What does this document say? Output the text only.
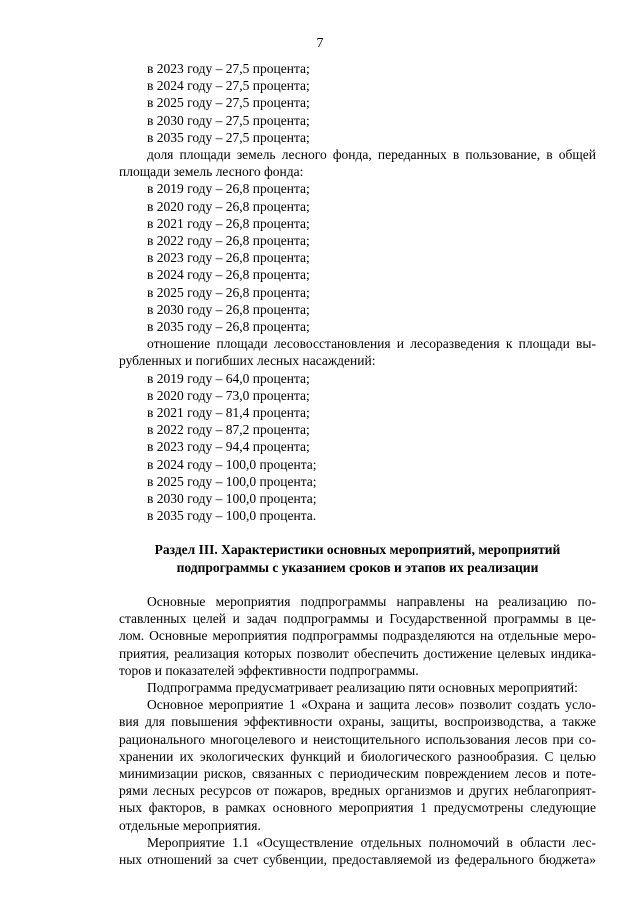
7
в 2023 году – 27,5 процента;
в 2024 году – 27,5 процента;
в 2025 году – 27,5 процента;
в 2030 году – 27,5 процента;
в 2035 году – 27,5 процента;
доля площади земель лесного фонда, переданных в пользование, в общей
площади земель лесного фонда:
в 2019 году – 26,8 процента;
в 2020 году – 26,8 процента;
в 2021 году – 26,8 процента;
в 2022 году – 26,8 процента;
в 2023 году – 26,8 процента;
в 2024 году – 26,8 процента;
в 2025 году – 26,8 процента;
в 2030 году – 26,8 процента;
в 2035 году – 26,8 процента;
отношение площади лесовосстановления и лесоразведения к площади вы-
рубленных и погибших лесных насаждений:
в 2019 году – 64,0 процента;
в 2020 году – 73,0 процента;
в 2021 году – 81,4 процента;
в 2022 году – 87,2 процента;
в 2023 году – 94,4 процента;
в 2024 году – 100,0 процента;
в 2025 году – 100,0 процента;
в 2030 году – 100,0 процента;
в 2035 году – 100,0 процента.
Раздел III. Характеристики основных мероприятий, мероприятий
подпрограммы с указанием сроков и этапов их реализации
Основные мероприятия подпрограммы направлены на реализацию по-
ставленных целей и задач подпрограммы и Государственной программы в це-
лом. Основные мероприятия подпрограммы подразделяются на отдельные меро-
приятия, реализация которых позволит обеспечить достижение целевых индика-
торов и показателей эффективности подпрограммы.
Подпрограмма предусматривает реализацию пяти основных мероприятий:
Основное мероприятие 1 «Охрана и защита лесов» позволит создать усло-
вия для повышения эффективности охраны, защиты, воспроизводства, а также
рационального многоцелевого и неистощительного использования лесов при со-
хранении их экологических функций и биологического разнообразия. С целью
минимизации рисков, связанных с периодическим повреждением лесов и поте-
рями лесных ресурсов от пожаров, вредных организмов и других неблагоприят-
ных факторов, в рамках основного мероприятия 1 предусмотрены следующие
отдельные мероприятия.
Мероприятие 1.1 «Осуществление отдельных полномочий в области лес-
ных отношений за счет субвенции, предоставляемой из федерального бюджета»
